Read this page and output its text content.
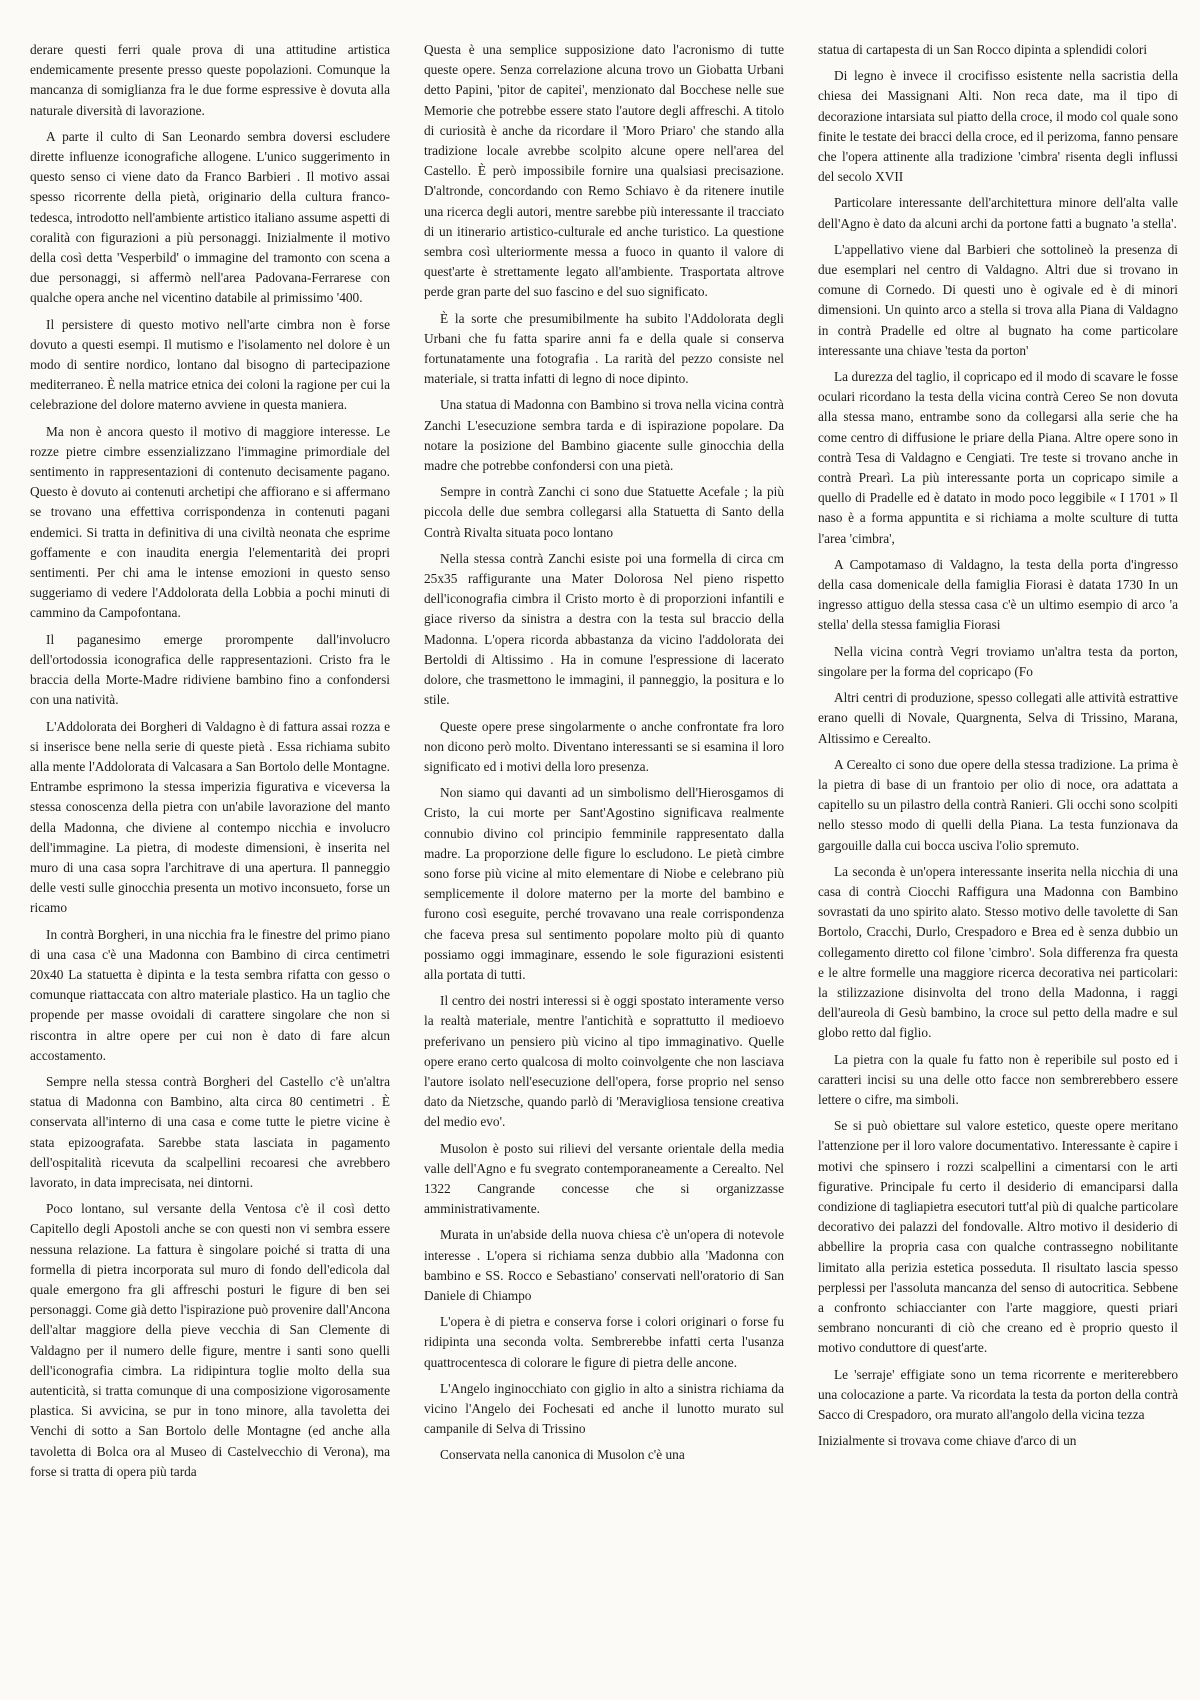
derare questi ferri quale prova di una attitudine artistica endemicamente presente presso queste popolazioni. Comunque la mancanza di somiglianza fra le due forme espressive è dovuta alla naturale diversità di lavorazione.

A parte il culto di San Leonardo sembra doversi escludere dirette influenze iconografiche allogene. L'unico suggerimento in questo senso ci viene dato da Franco Barbieri . Il motivo assai spesso ricorrente della pietà, originario della cultura franco-tedesca, introdotto nell'ambiente artistico italiano assume aspetti di coralità con figurazioni a più personaggi. Inizialmente il motivo della così detta 'Vesperbild' o immagine del tramonto con scena a due personaggi, si affermò nell'area Padovana-Ferrarese con qualche opera anche nel vicentino databile al primissimo '400.

Il persistere di questo motivo nell'arte cimbra non è forse dovuto a questi esempi. Il mutismo e l'isolamento nel dolore è un modo di sentire nordico, lontano dal bisogno di partecipazione mediterraneo. È nella matrice etnica dei coloni la ragione per cui la celebrazione del dolore materno avviene in questa maniera.

Ma non è ancora questo il motivo di maggiore interesse. Le rozze pietre cimbre essenzializzano l'immagine primordiale del sentimento in rappresentazioni di contenuto decisamente pagano. Questo è dovuto ai contenuti archetipi che affiorano e si affermano se trovano una effettiva corrispondenza in contenuti pagani endemici. Si tratta in definitiva di una civiltà neonata che esprime goffamente e con inaudita energia l'elementarità dei propri sentimenti. Per chi ama le intense emozioni in questo senso suggeriamo di vedere l'Addolorata della Lobbia a pochi minuti di cammino da Campofontana.

Il paganesimo emerge prorompente dall'involucro dell'ortodossia iconografica delle rappresentazioni. Cristo fra le braccia della Morte-Madre ridiviene bambino fino a confondersi con una natività.

L'Addolorata dei Borgheri di Valdagno è di fattura assai rozza e si inserisce bene nella serie di queste pietà . Essa richiama subito alla mente l'Addolorata di Valcasara a San Bortolo delle Montagne. Entrambe esprimono la stessa imperizia figurativa e viceversa la stessa conoscenza della pietra con un'abile lavorazione del manto della Madonna, che diviene al contempo nicchia e involucro dell'immagine. La pietra, di modeste dimensioni, è inserita nel muro di una casa sopra l'architrave di una apertura. Il panneggio delle vesti sulle ginocchia presenta un motivo inconsueto, forse un ricamo

In contrà Borgheri, in una nicchia fra le finestre del primo piano di una casa c'è una Madonna con Bambino di circa centimetri 20x40 La statuetta è dipinta e la testa sembra rifatta con gesso o comunque riattaccata con altro materiale plastico. Ha un taglio che propende per masse ovoidali di carattere singolare che non si riscontra in altre opere per cui non è dato di fare alcun accostamento.

Sempre nella stessa contrà Borgheri del Castello c'è un'altra statua di Madonna con Bambino, alta circa 80 centimetri . È conservata all'interno di una casa e come tutte le pietre vicine è stata epizoografata. Sarebbe stata lasciata in pagamento dell'ospitalità ricevuta da scalpellini recoaresi che avrebbero lavorato, in data imprecisata, nei dintorni.

Poco lontano, sul versante della Ventosa c'è il così detto Capitello degli Apostoli anche se con questi non vi sembra essere nessuna relazione. La fattura è singolare poiché si tratta di una formella di pietra incorporata sul muro di fondo dell'edicola dal quale emergono fra gli affreschi posturi le figure di ben sei personaggi. Come già detto l'ispirazione può provenire dall'Ancona dell'altar maggiore della pieve vecchia di San Clemente di Valdagno per il numero delle figure, mentre i santi sono quelli dell'iconografia cimbra. La ridipintura toglie molto della sua autenticità, si tratta comunque di una composizione vigorosamente plastica. Si avvicina, se pur in tono minore, alla tavoletta dei Venchi di sotto a San Bortolo delle Montagne (ed anche alla tavoletta di Bolca ora al Museo di Castelvecchio di Verona), ma forse si tratta di opera più tarda

Questa è una semplice supposizione dato l'acronismo di tutte queste opere. Senza correlazione alcuna trovo un Giobatta Urbani detto Papini, 'pitor de capitei', menzionato dal Bocchese nelle sue Memorie che potrebbe essere stato l'autore degli affreschi. A titolo di curiosità è anche da ricordare il 'Moro Priaro' che stando alla tradizione locale avrebbe scolpito alcune opere nell'area del Castello. È però impossibile fornire una qualsiasi precisazione. D'altronde, concordando con Remo Schiavo è da ritenere inutile una ricerca degli autori, mentre sarebbe più interessante il tracciato di un itinerario artistico-culturale ed anche turistico. La questione sembra così ulteriormente messa a fuoco in quanto il valore di quest'arte è strettamente legato all'ambiente. Trasportata altrove perde gran parte del suo fascino e del suo significato.

È la sorte che presumibilmente ha subito l'Addolorata degli Urbani che fu fatta sparire anni fa e della quale si conserva fortunatamente una fotografia . La rarità del pezzo consiste nel materiale, si tratta infatti di legno di noce dipinto.

Una statua di Madonna con Bambino si trova nella vicina contrà Zanchi L'esecuzione sembra tarda e di ispirazione popolare. Da notare la posizione del Bambino giacente sulle ginocchia della madre che potrebbe confondersi con una pietà.

Sempre in contrà Zanchi ci sono due Statuette Acefale ; la più piccola delle due sembra collegarsi alla Statuetta di Santo della Contrà Rivalta situata poco lontano

Nella stessa contrà Zanchi esiste poi una formella di circa cm 25x35 raffigurante una Mater Dolorosa Nel pieno rispetto dell'iconografia cimbra il Cristo morto è di proporzioni infantili e giace riverso da sinistra a destra con la testa sul braccio della Madonna. L'opera ricorda abbastanza da vicino l'addolorata dei Bertoldi di Altissimo . Ha in comune l'espressione di lacerato dolore, che trasmettono le immagini, il panneggio, la positura e lo stile.

Queste opere prese singolarmente o anche confrontate fra loro non dicono però molto. Diventano interessanti se si esamina il loro significato ed i motivi della loro presenza.

Non siamo qui davanti ad un simbolismo dell'Hierosgamos di Cristo, la cui morte per Sant'Agostino significava realmente connubio divino col principio femminile rappresentato dalla madre. La proporzione delle figure lo escludono. Le pietà cimbre sono forse più vicine al mito elementare di Niobe e celebrano più semplicemente il dolore materno per la morte del bambino e furono così eseguite, perché trovavano una reale corrispondenza che faceva presa sul sentimento popolare molto più di quanto possiamo oggi immaginare, essendo le sole figurazioni esistenti alla portata di tutti.

Il centro dei nostri interessi si è oggi spostato interamente verso la realtà materiale, mentre l'antichità e soprattutto il medioevo preferivano un pensiero più vicino al tipo immaginativo. Quelle opere erano certo qualcosa di molto coinvolgente che non lasciava l'autore isolato nell'esecuzione dell'opera, forse proprio nel senso dato da Nietzsche, quando parlò di 'Meravigliosa tensione creativa del medio evo'.

Musolon è posto sui rilievi del versante orientale della media valle dell'Agno e fu svegrato contemporaneamente a Cerealto. Nel 1322 Cangrande concesse che si organizzasse amministrativamente.

Murata in un'abside della nuova chiesa c'è un'opera di notevole interesse . L'opera si richiama senza dubbio alla 'Madonna con bambino e SS. Rocco e Sebastiano' conservati nell'oratorio di San Daniele di Chiampo

L'opera è di pietra e conserva forse i colori originari o forse fu ridipinta una seconda volta. Sembrerebbe infatti certa l'usanza quattrocentesca di colorare le figure di pietra delle ancone.

L'Angelo inginocchiato con giglio in alto a sinistra richiama da vicino l'Angelo dei Fochesati ed anche il lunotto murato sul campanile di Selva di Trissino

Conservata nella canonica di Musolon c'è una

statua di cartapesta di un San Rocco dipinta a splendidi colori

Di legno è invece il crocifisso esistente nella sacristia della chiesa dei Massignani Alti. Non reca date, ma il tipo di decorazione intarsiata sul piatto della croce, il modo col quale sono finite le testate dei bracci della croce, ed il perizoma, fanno pensare che l'opera attinente alla tradizione 'cimbra' risenta degli influssi del secolo XVII

Particolare interessante dell'architettura minore dell'alta valle dell'Agno è dato da alcuni archi da portone fatti a bugnato 'a stella'.

L'appellativo viene dal Barbieri che sottolineò la presenza di due esemplari nel centro di Valdagno. Altri due si trovano in comune di Cornedo. Di questi uno è ogivale ed è di minori dimensioni. Un quinto arco a stella si trova alla Piana di Valdagno in contrà Pradelle ed oltre al bugnato ha come particolare interessante una chiave 'testa da porton'

La durezza del taglio, il copricapo ed il modo di scavare le fosse oculari ricordano la testa della vicina contrà Cereo Se non dovuta alla stessa mano, entrambe sono da collegarsi alla serie che ha come centro di diffusione le priare della Piana. Altre opere sono in contrà Tesa di Valdagno e Cengiati. Tre teste si trovano anche in contrà Prearì. La più interessante porta un copricapo simile a quello di Pradelle ed è datato in modo poco leggibile « I 1701 » Il naso è a forma appuntita e si richiama a molte sculture di tutta l'area 'cimbra',

A Campotamaso di Valdagno, la testa della porta d'ingresso della casa domenicale della famiglia Fiorasi è datata 1730 In un ingresso attiguo della stessa casa c'è un ultimo esempio di arco 'a stella' della stessa famiglia Fiorasi

Nella vicina contrà Vegri troviamo un'altra testa da porton, singolare per la forma del copricapo (Fo

Altri centri di produzione, spesso collegati alle attività estrattive erano quelli di Novale, Quargnenta, Selva di Trissino, Marana, Altissimo e Cerealto.

A Cerealto ci sono due opere della stessa tradizione. La prima è la pietra di base di un frantoio per olio di noce, ora adattata a capitello su un pilastro della contrà Ranieri. Gli occhi sono scolpiti nello stesso modo di quelli della Piana. La testa funzionava da gargouille dalla cui bocca usciva l'olio spremuto.

La seconda è un'opera interessante inserita nella nicchia di una casa di contrà Ciocchi Raffigura una Madonna con Bambino sovrastati da uno spirito alato. Stesso motivo delle tavolette di San Bortolo, Cracchi, Durlo, Crespadoro e Brea ed è senza dubbio un collegamento diretto col filone 'cimbro'. Sola differenza fra questa e le altre formelle una maggiore ricerca decorativa nei particolari: la stilizzazione disinvolta del trono della Madonna, i raggi dell'aureola di Gesù bambino, la croce sul petto della madre e sul globo retto dal figlio.

La pietra con la quale fu fatto non è reperibile sul posto ed i caratteri incisi su una delle otto facce non sembrerebbero essere lettere o cifre, ma simboli.

Se si può obiettare sul valore estetico, queste opere meritano l'attenzione per il loro valore documentativo. Interessante è capire i motivi che spinsero i rozzi scalpellini a cimentarsi con le arti figurative. Principale fu certo il desiderio di emanciparsi dalla condizione di tagliapietra esecutori tutt'al più di qualche particolare decorativo dei palazzi del fondovalle. Altro motivo il desiderio di abbellire la propria casa con qualche contrassegno nobilitante limitato alla perizia estetica posseduta. Il risultato lascia spesso perplessi per l'assoluta mancanza del senso di autocritica. Sebbene a confronto schiaccianter con l'arte maggiore, questi priari sembrano noncuranti di ciò che creano ed è proprio questo il motivo conduttore di quest'arte.

Le 'serraje' effigiate sono un tema ricorrente e meriterebbero una colocazione a parte. Va ricordata la testa da porton della contrà Sacco di Crespadoro, ora murato all'angolo della vicina tezza

Inizialmente si trovava come chiave d'arco di un
